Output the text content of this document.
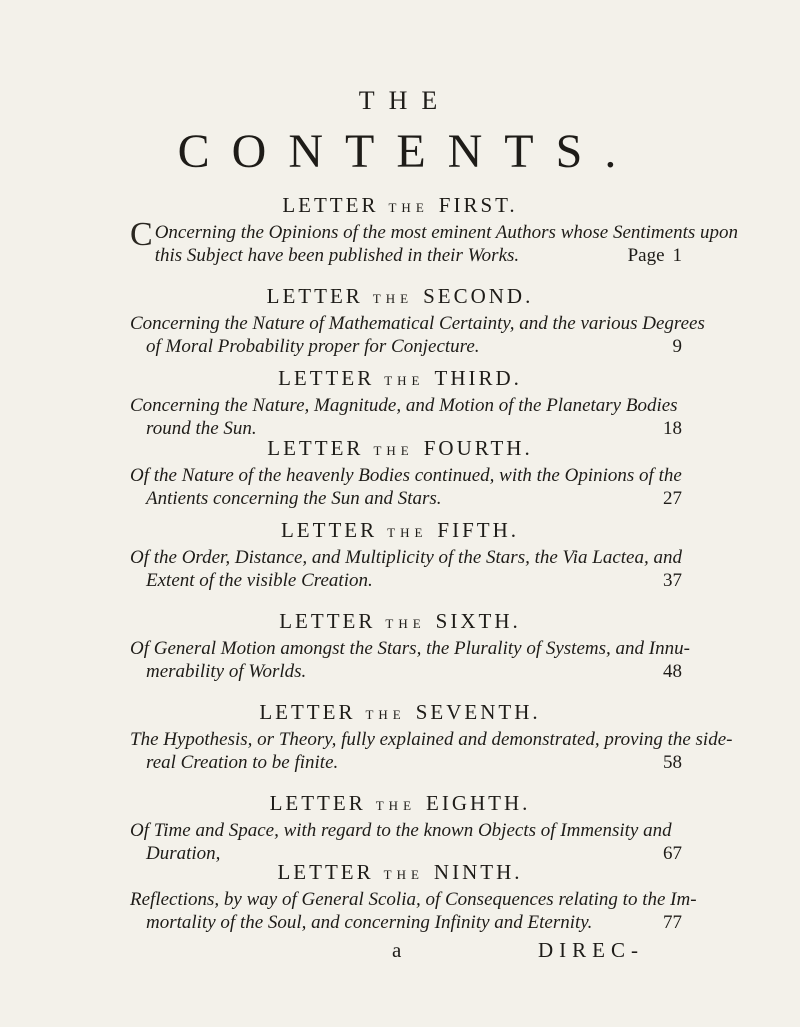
THE
CONTENTS.
LETTER THE FIRST.
C Oncerning the Opinions of the most eminent Authors whose Sentiments upon
this Subject have been published in their Works.	Page 1
LETTER THE SECOND.
Concerning the Nature of Mathematical Certainty, and the various Degrees
of Moral Probability proper for Conjecture.	9
LETTER THE THIRD.
Concerning the Nature, Magnitude, and Motion of the Planetary Bodies
round the Sun.	18
LETTER THE FOURTH.
Of the Nature of the heavenly Bodies continued, with the Opinions of the
Antients concerning the Sun and Stars.	27
LETTER THE FIFTH.
Of the Order, Distance, and Multiplicity of the Stars, the Via Lactea, and
Extent of the visible Creation.	37
LETTER THE SIXTH.
Of General Motion amongst the Stars, the Plurality of Systems, and Innu-
merability of Worlds.	48
LETTER THE SEVENTH.
The Hypothesis, or Theory, fully explained and demonstrated, proving the side-
real Creation to be finite.	58
LETTER THE EIGHTH.
Of Time and Space, with regard to the known Objects of Immensity and
Duration,	67
LETTER THE NINTH.
Reflections, by way of General Scolia, of Consequences relating to the Im-
mortality of the Soul, and concerning Infinity and Eternity.	77
a	DIREC-
